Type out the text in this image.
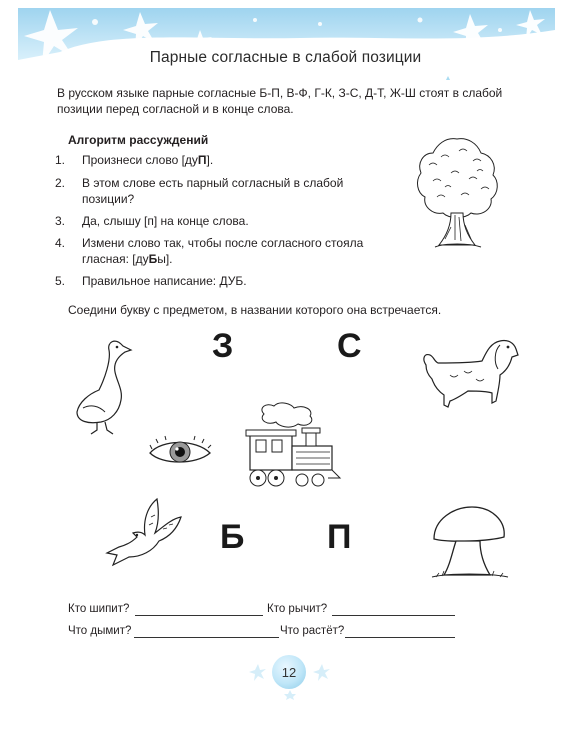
Парные согласные в слабой позиции
В русском языке парные согласные Б-П, В-Ф, Г-К, З-С, Д-Т, Ж-Ш стоят в слабой
позиции перед согласной и в конце слова.
Алгоритм рассуждений
1. Произнеси слово [дуП].
2. В этом слове есть парный согласный в слабой
позиции?
3. Да, слышу [п] на конце слова.
4. Измени слово так, чтобы после согласного стояла
гласная: [дуБы].
5. Правильное написание: ДУБ.
Соедини букву с предметом, в названии которого она встречается.
З	С
Б П
Кто шипит?	Кто рычит?
Что дымит?	Что растёт?
12
